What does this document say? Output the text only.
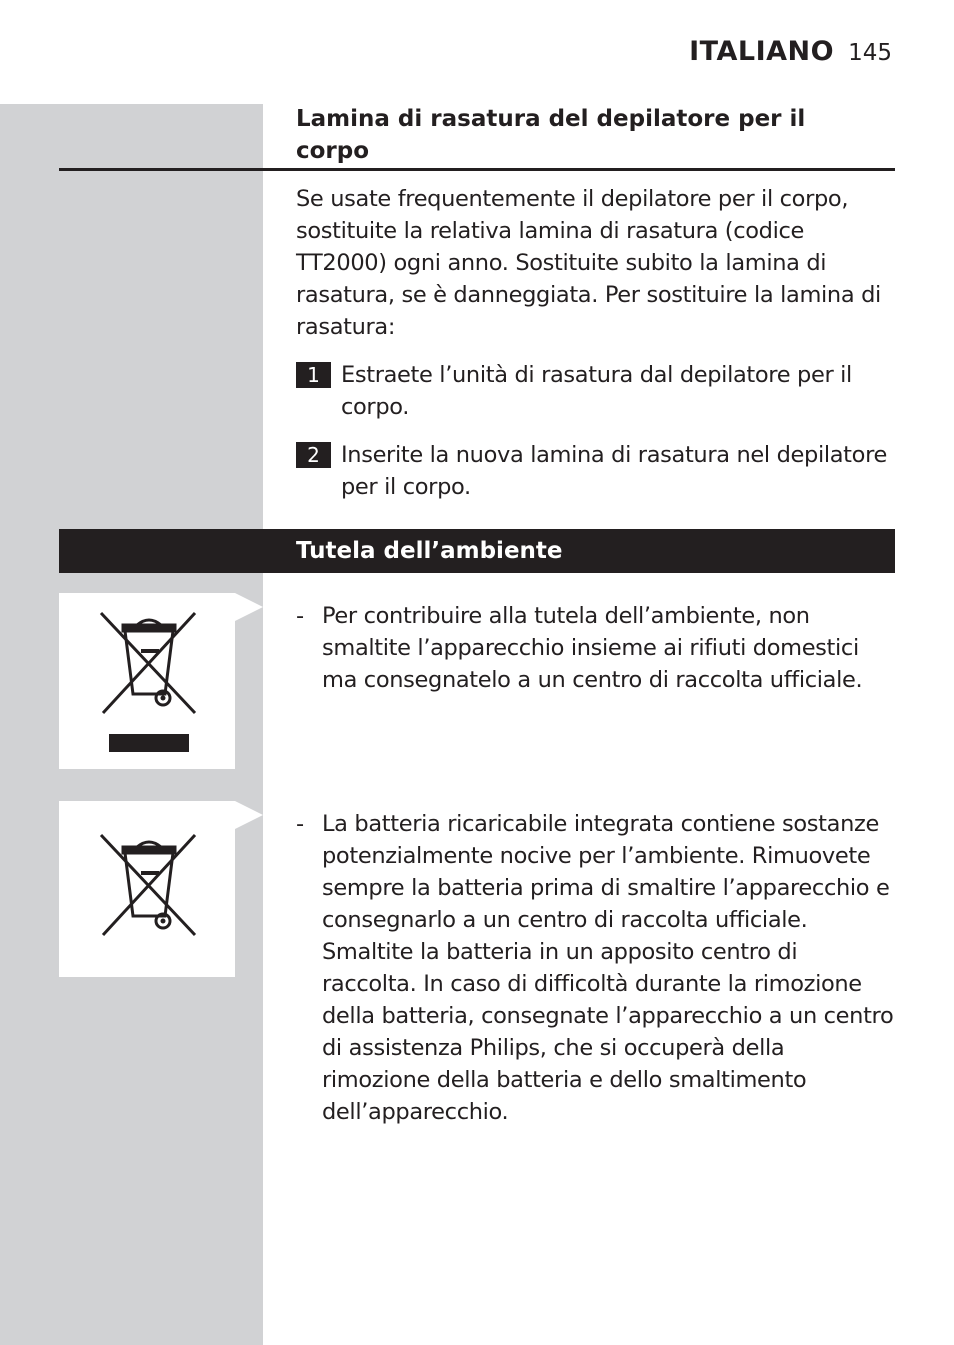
ITALIANO 145
Lamina di rasatura del depilatore per il corpo
Se usate frequentemente il depilatore per il corpo, sostituite la relativa lamina di rasatura (codice TT2000) ogni anno. Sostituite subito la lamina di rasatura, se è danneggiata. Per sostituire la lamina di rasatura:
1 Estraete l’unità di rasatura dal depilatore per il corpo.
2 Inserite la nuova lamina di rasatura nel depilatore per il corpo.
Tutela dell’ambiente
- Per contribuire alla tutela dell’ambiente, non smaltite l’apparecchio insieme ai rifiuti domestici ma consegnatelo a un centro di raccolta ufficiale.
- La batteria ricaricabile integrata contiene sostanze potenzialmente nocive per l’ambiente. Rimuovete sempre la batteria prima di smaltire l’apparecchio e consegnarlo a un centro di raccolta ufficiale. Smaltite la batteria in un apposito centro di raccolta. In caso di difficoltà durante la rimozione della batteria, consegnate l’apparecchio a un centro di assistenza Philips, che si occuperà della rimozione della batteria e dello smaltimento dell’apparecchio.
